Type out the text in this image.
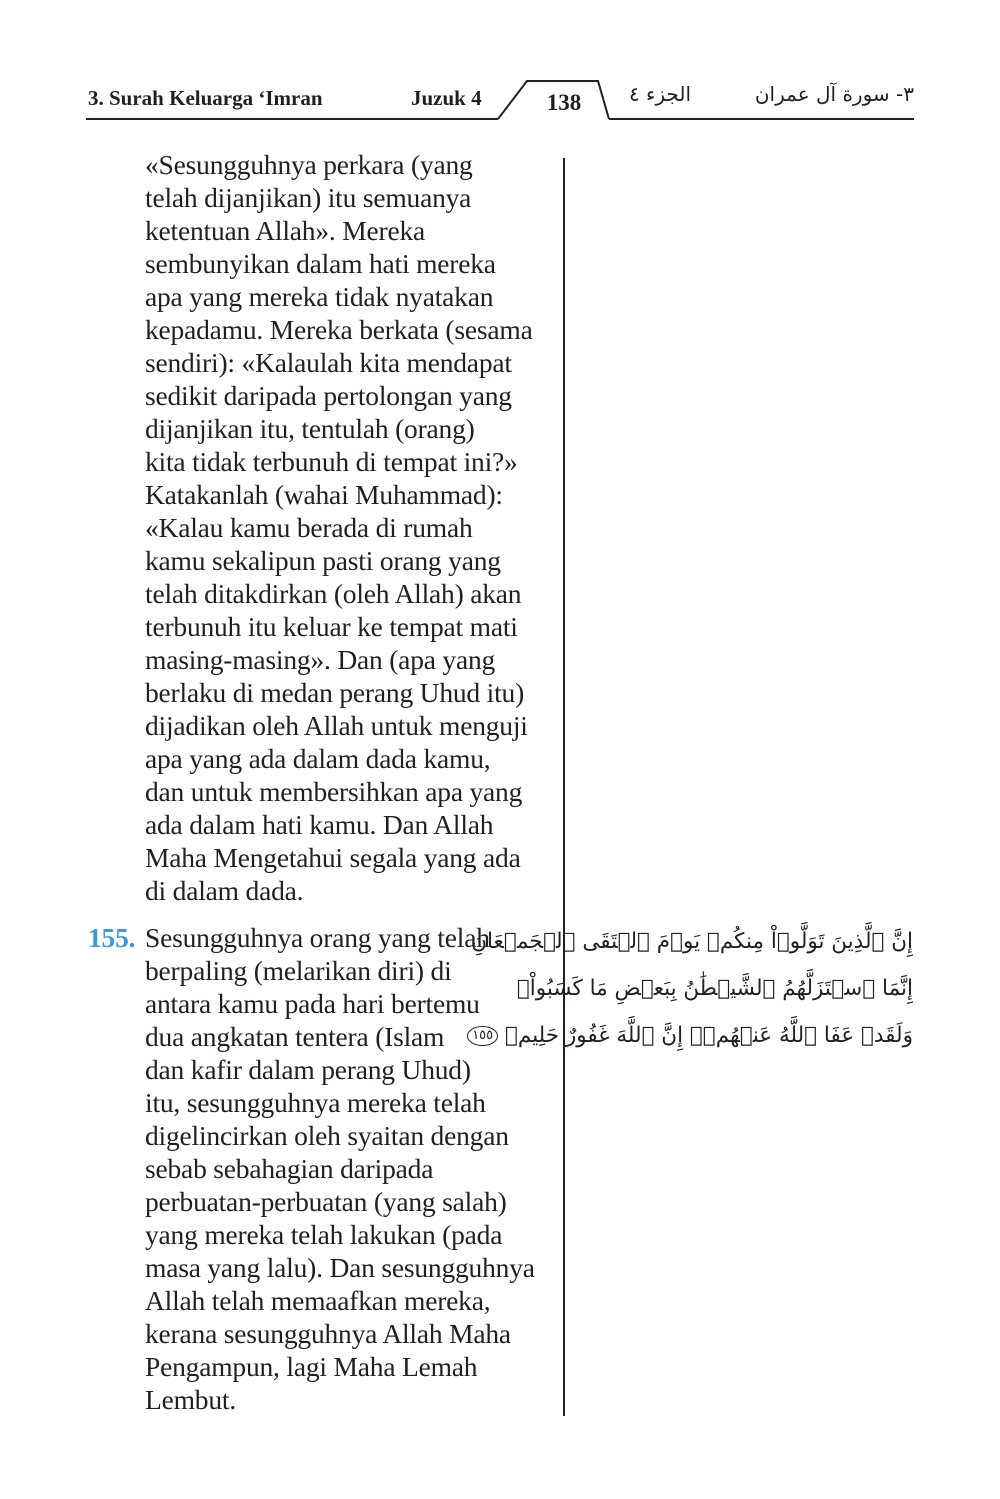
3. Surah Keluarga ‘Imran	Juzuk 4	138	الجزء ٤	٣- سورة آل عمران
«Sesungguhnya perkara (yang
telah dijanjikan) itu semuanya
ketentuan Allah». Mereka
sembunyikan dalam hati mereka
apa yang mereka tidak nyatakan
kepadamu. Mereka berkata (sesama
sendiri): «Kalaulah kita mendapat
sedikit daripada pertolongan yang
dijanjikan itu, tentulah (orang)
kita tidak terbunuh di tempat ini?»
Katakanlah (wahai Muhammad):
«Kalau kamu berada di rumah
kamu sekalipun pasti orang yang
telah ditakdirkan (oleh Allah) akan
terbunuh itu keluar ke tempat mati
masing-masing». Dan (apa yang
berlaku di medan perang Uhud itu)
dijadikan oleh Allah untuk menguji
apa yang ada dalam dada kamu,
dan untuk membersihkan apa yang
ada dalam hati kamu. Dan Allah
Maha Mengetahui segala yang ada
di dalam dada.
155. Sesungguhnya orang yang telah
berpaling (melarikan diri) di
antara kamu pada hari bertemu
dua angkatan tentera (Islam
dan kafir dalam perang Uhud)
itu, sesungguhnya mereka telah
digelincirkan oleh syaitan dengan
sebab sebahagian daripada
perbuatan-perbuatan (yang salah)
yang mereka telah lakukan (pada
masa yang lalu). Dan sesungguhnya
Allah telah memaafkan mereka,
kerana sesungguhnya Allah Maha
Pengampun, lagi Maha Lemah
Lembut.
إِنَّ ٱلَّذِينَ تَوَلَّوۡاْ مِنكُمۡ يَوۡمَ ٱلۡتَقَى ٱلۡجَمۡعَانِ
إِنَّمَا ٱسۡتَزَلَّهُمُ ٱلشَّيۡطَٰنُ بِبَعۡضِ مَا كَسَبُواْۖ
وَلَقَدۡ عَفَا ٱللَّهُ عَنۡهُمۡۗ إِنَّ ٱللَّهَ غَفُورٌ حَلِيمٞ ١٥٥
